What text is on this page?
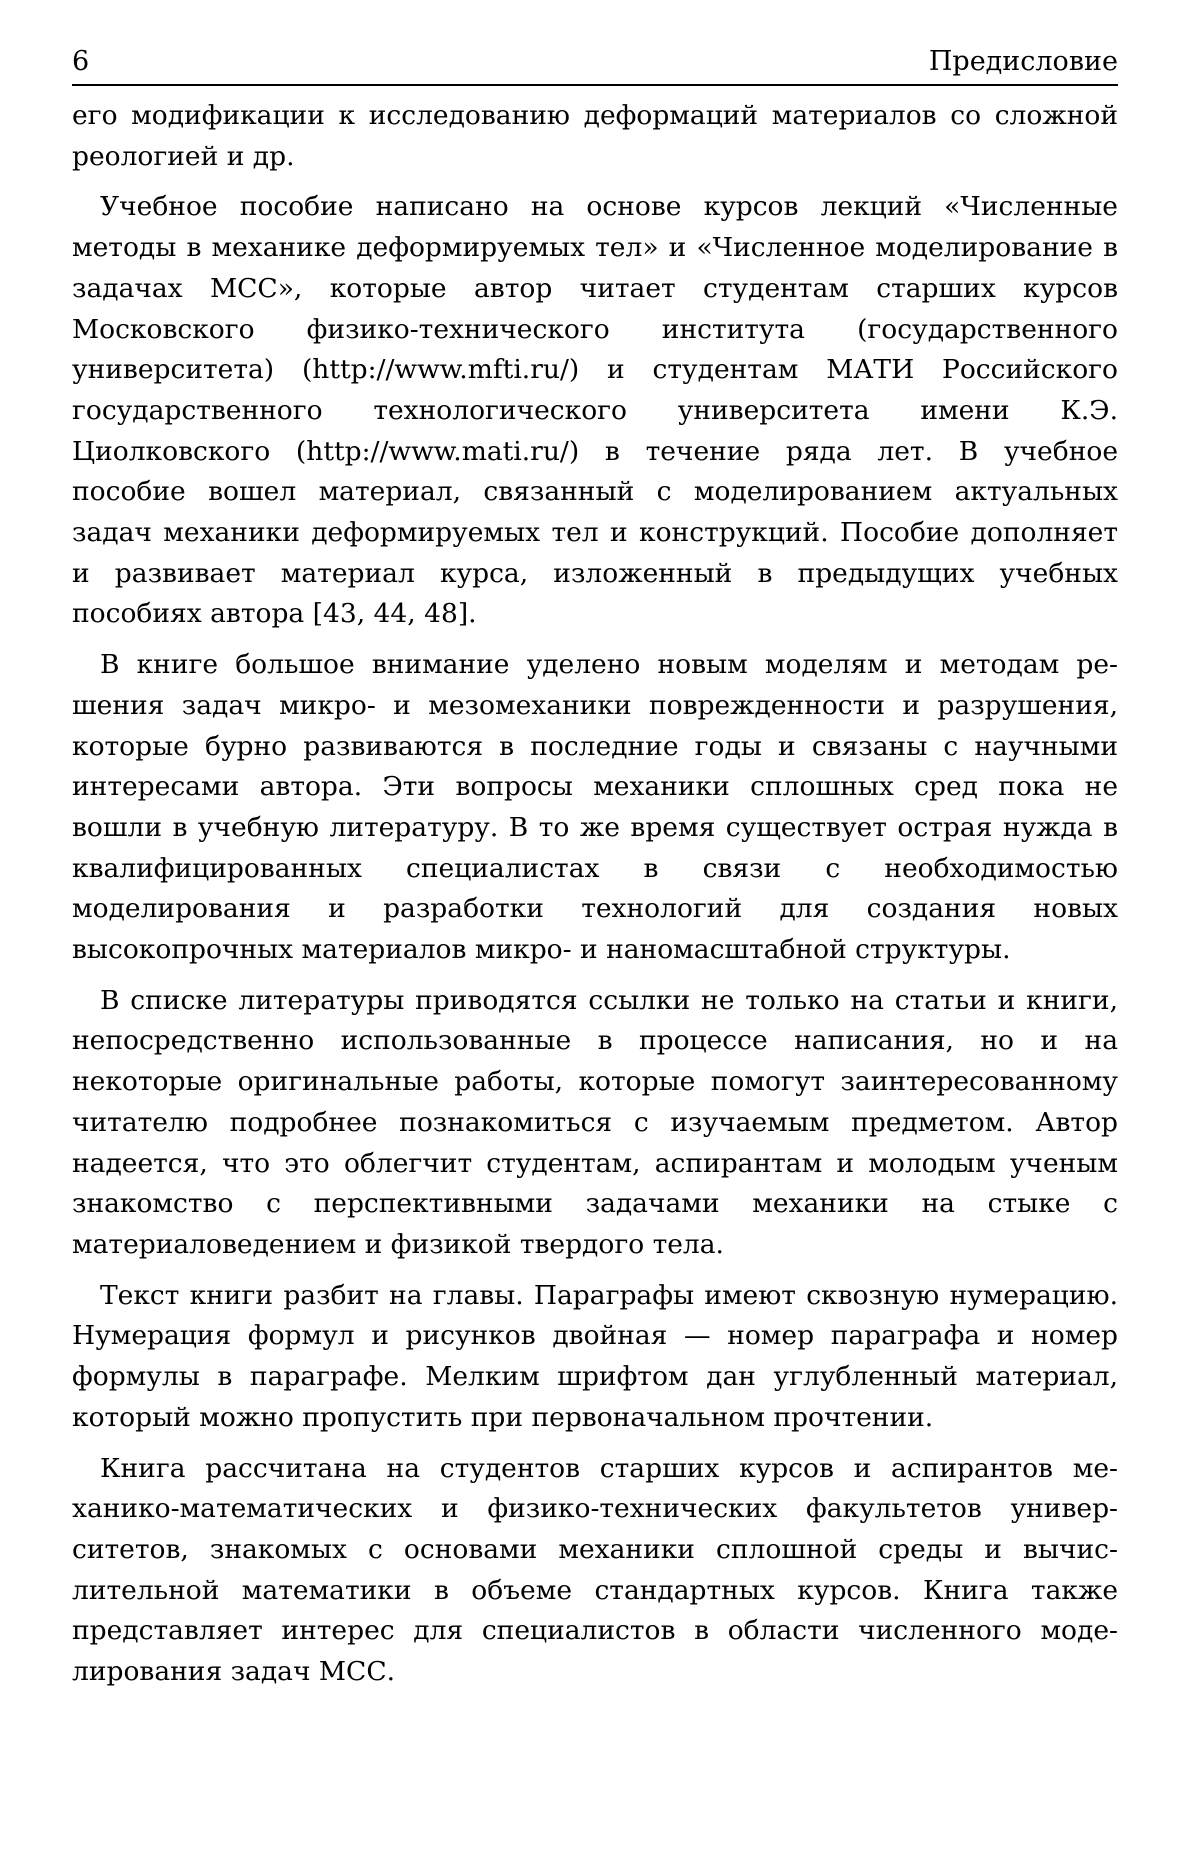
6	Предисловие

его модификации к исследованию деформаций материалов со сложной реологией и др.

Учебное пособие написано на основе курсов лекций «Численные методы в механике деформируемых тел» и «Численное моделирование в задачах МСС», которые автор читает студентам старших курсов Московского физико-технического института (государственного университета) (http://www.mfti.ru/) и студентам МАТИ Российского государственного технологического университета имени К.Э. Циолковского (http://www.mati.ru/) в течение ряда лет. В учебное пособие вошел материал, связанный с моделированием актуальных задач механики деформируемых тел и конструкций. Пособие дополняет и развивает материал курса, изложенный в предыдущих учебных пособиях автора [43, 44, 48].

В книге большое внимание уделено новым моделям и методам решения задач микро- и мезомеханики поврежденности и разрушения, которые бурно развиваются в последние годы и связаны с научными интересами автора. Эти вопросы механики сплошных сред пока не вошли в учебную литературу. В то же время существует острая нужда в квалифицированных специалистах в связи с необходимостью моделирования и разработки технологий для создания новых высокопрочных материалов микро- и наномасштабной структуры.

В списке литературы приводятся ссылки не только на статьи и книги, непосредственно использованные в процессе написания, но и на некоторые оригинальные работы, которые помогут заинтересованному читателю подробнее познакомиться с изучаемым предметом. Автор надеется, что это облегчит студентам, аспирантам и молодым ученым знакомство с перспективными задачами механики на стыке с материаловедением и физикой твердого тела.

Текст книги разбит на главы. Параграфы имеют сквозную нумерацию. Нумерация формул и рисунков двойная — номер параграфа и номер формулы в параграфе. Мелким шрифтом дан углубленный материал, который можно пропустить при первоначальном прочтении.

Книга рассчитана на студентов старших курсов и аспирантов механико-математических и физико-технических факультетов университетов, знакомых с основами механики сплошной среды и вычислительной математики в объеме стандартных курсов. Книга также представляет интерес для специалистов в области численного моделирования задач МСС.
